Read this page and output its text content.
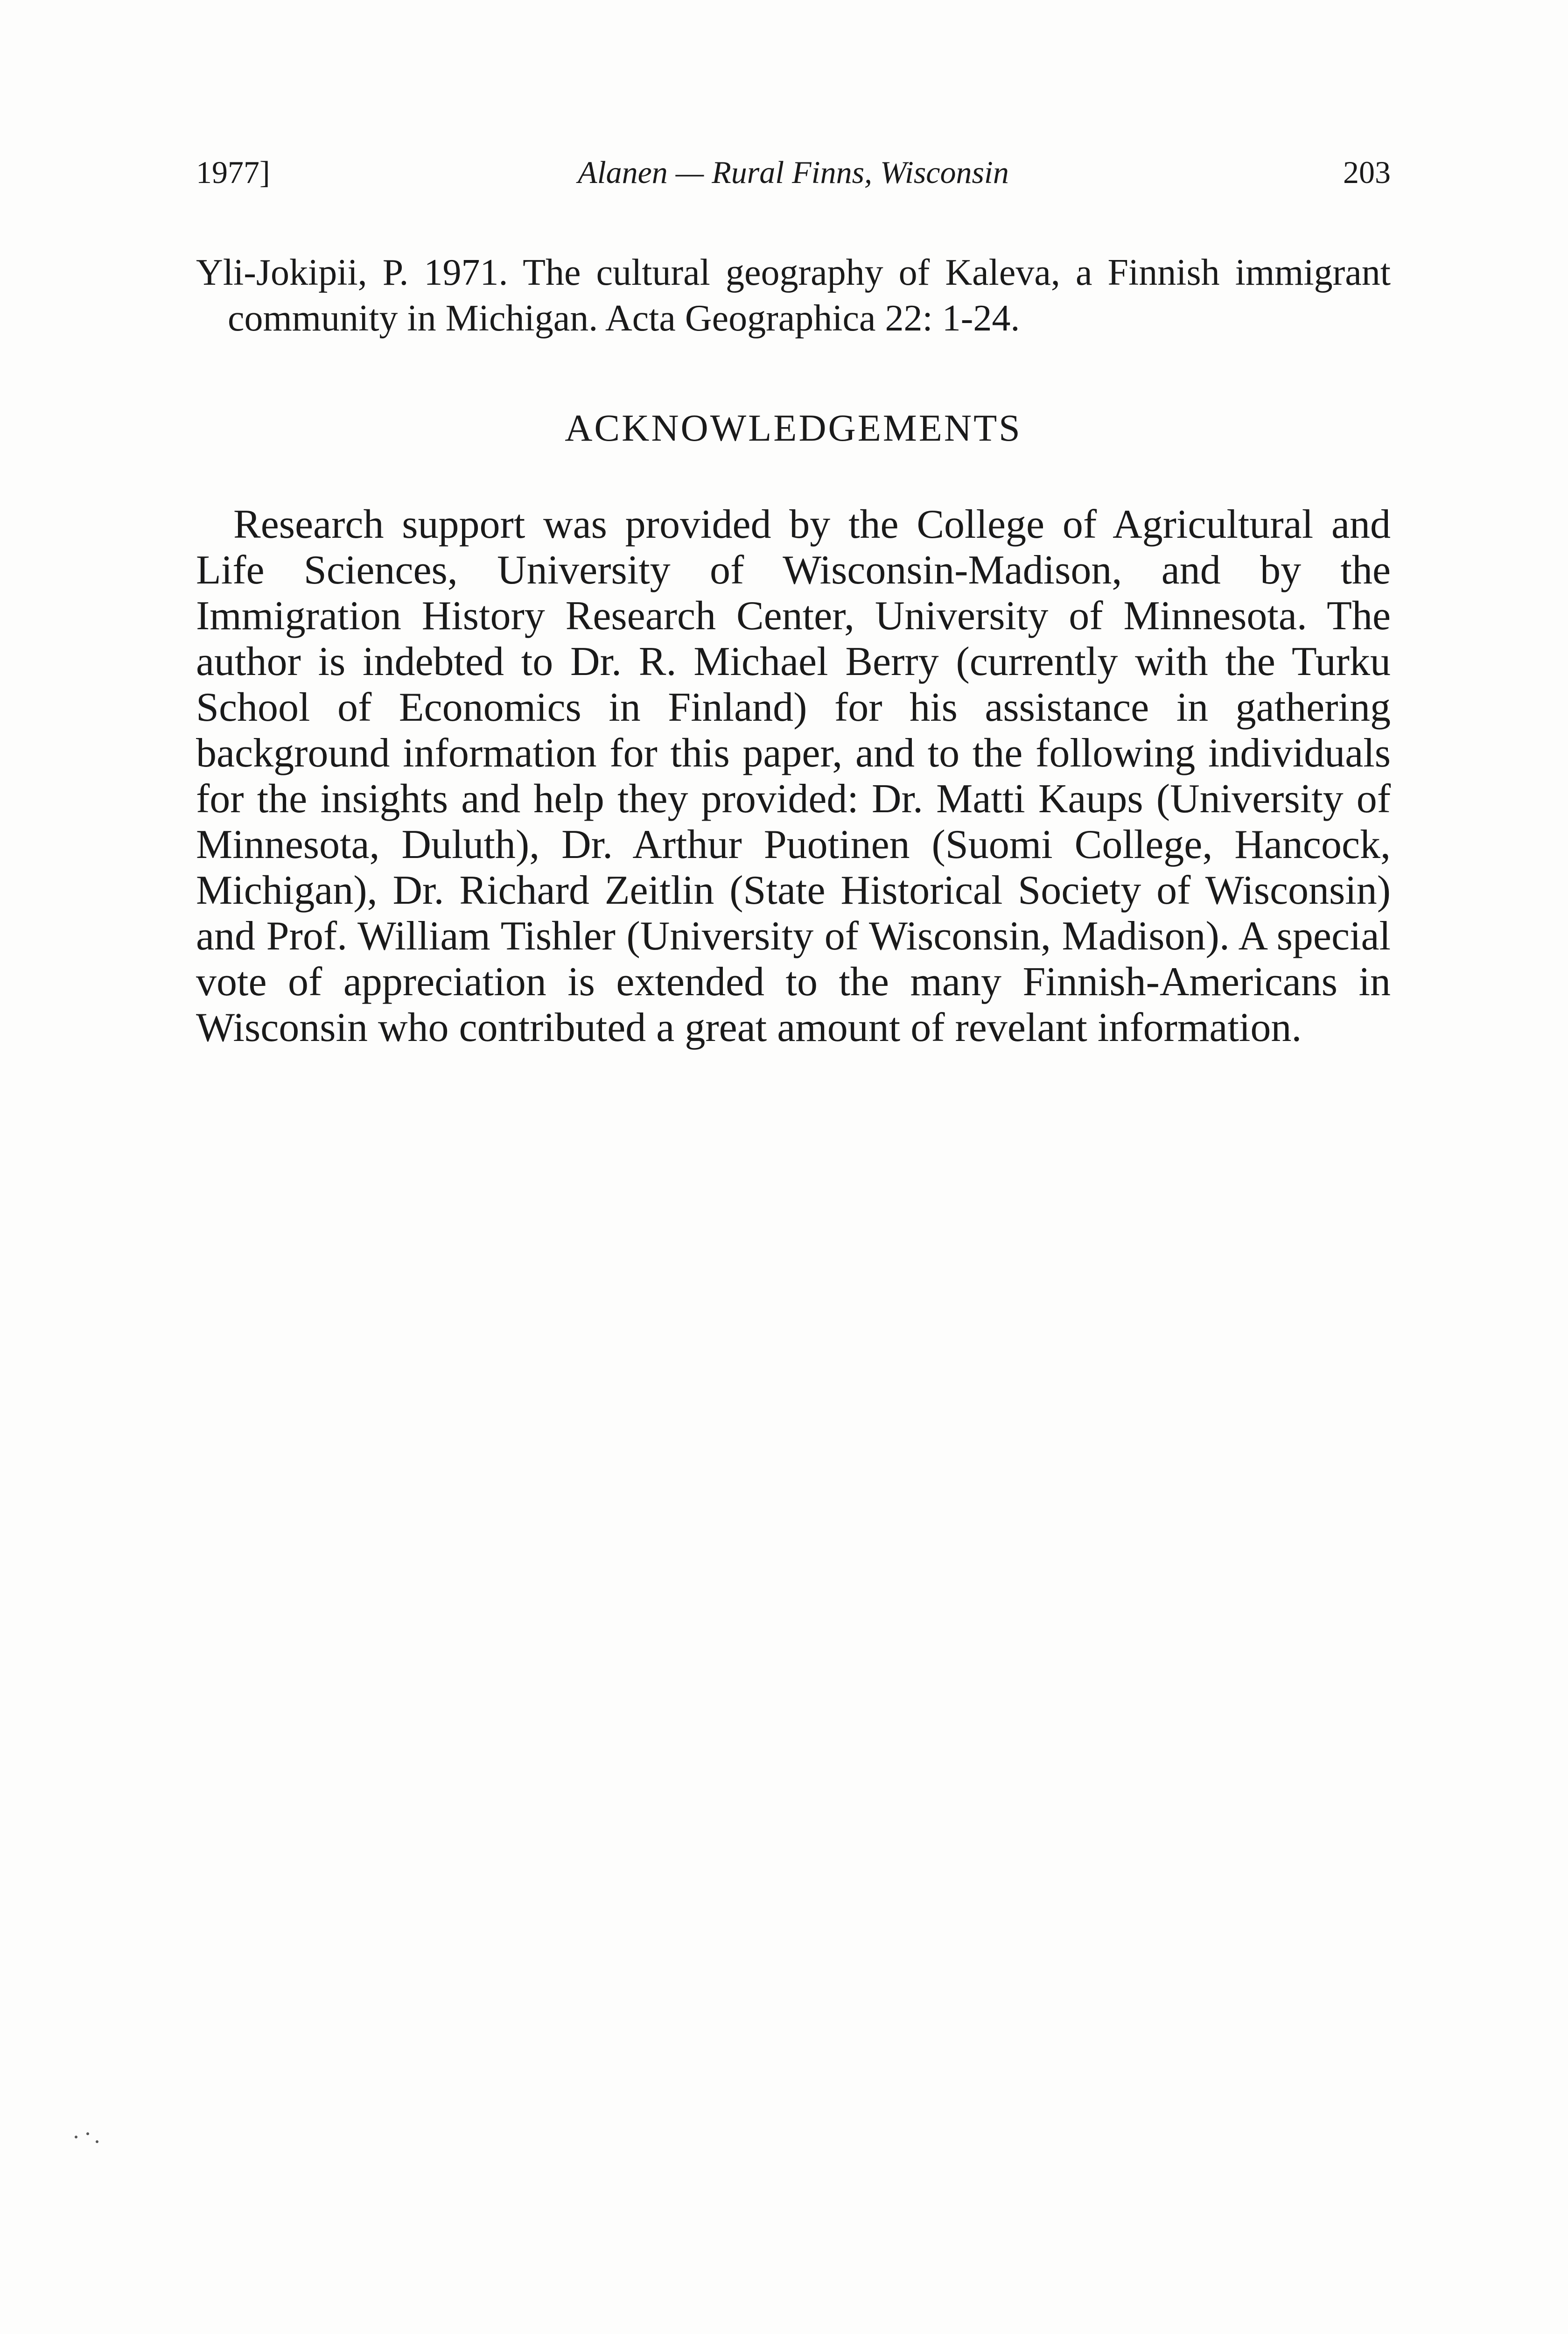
1977]	Alanen — Rural Finns, Wisconsin	203
Yli-Jokipii, P. 1971. The cultural geography of Kaleva, a Finnish immigrant community in Michigan. Acta Geographica 22: 1-24.
ACKNOWLEDGEMENTS
Research support was provided by the College of Agricultural and Life Sciences, University of Wisconsin-Madison, and by the Immigration History Research Center, University of Minnesota. The author is indebted to Dr. R. Michael Berry (currently with the Turku School of Economics in Finland) for his assistance in gathering background information for this paper, and to the following individuals for the insights and help they provided: Dr. Matti Kaups (University of Minnesota, Duluth), Dr. Arthur Puotinen (Suomi College, Hancock, Michigan), Dr. Richard Zeitlin (State Historical Society of Wisconsin) and Prof. William Tishler (University of Wisconsin, Madison). A special vote of appreciation is extended to the many Finnish-Americans in Wisconsin who contributed a great amount of revelant information.
